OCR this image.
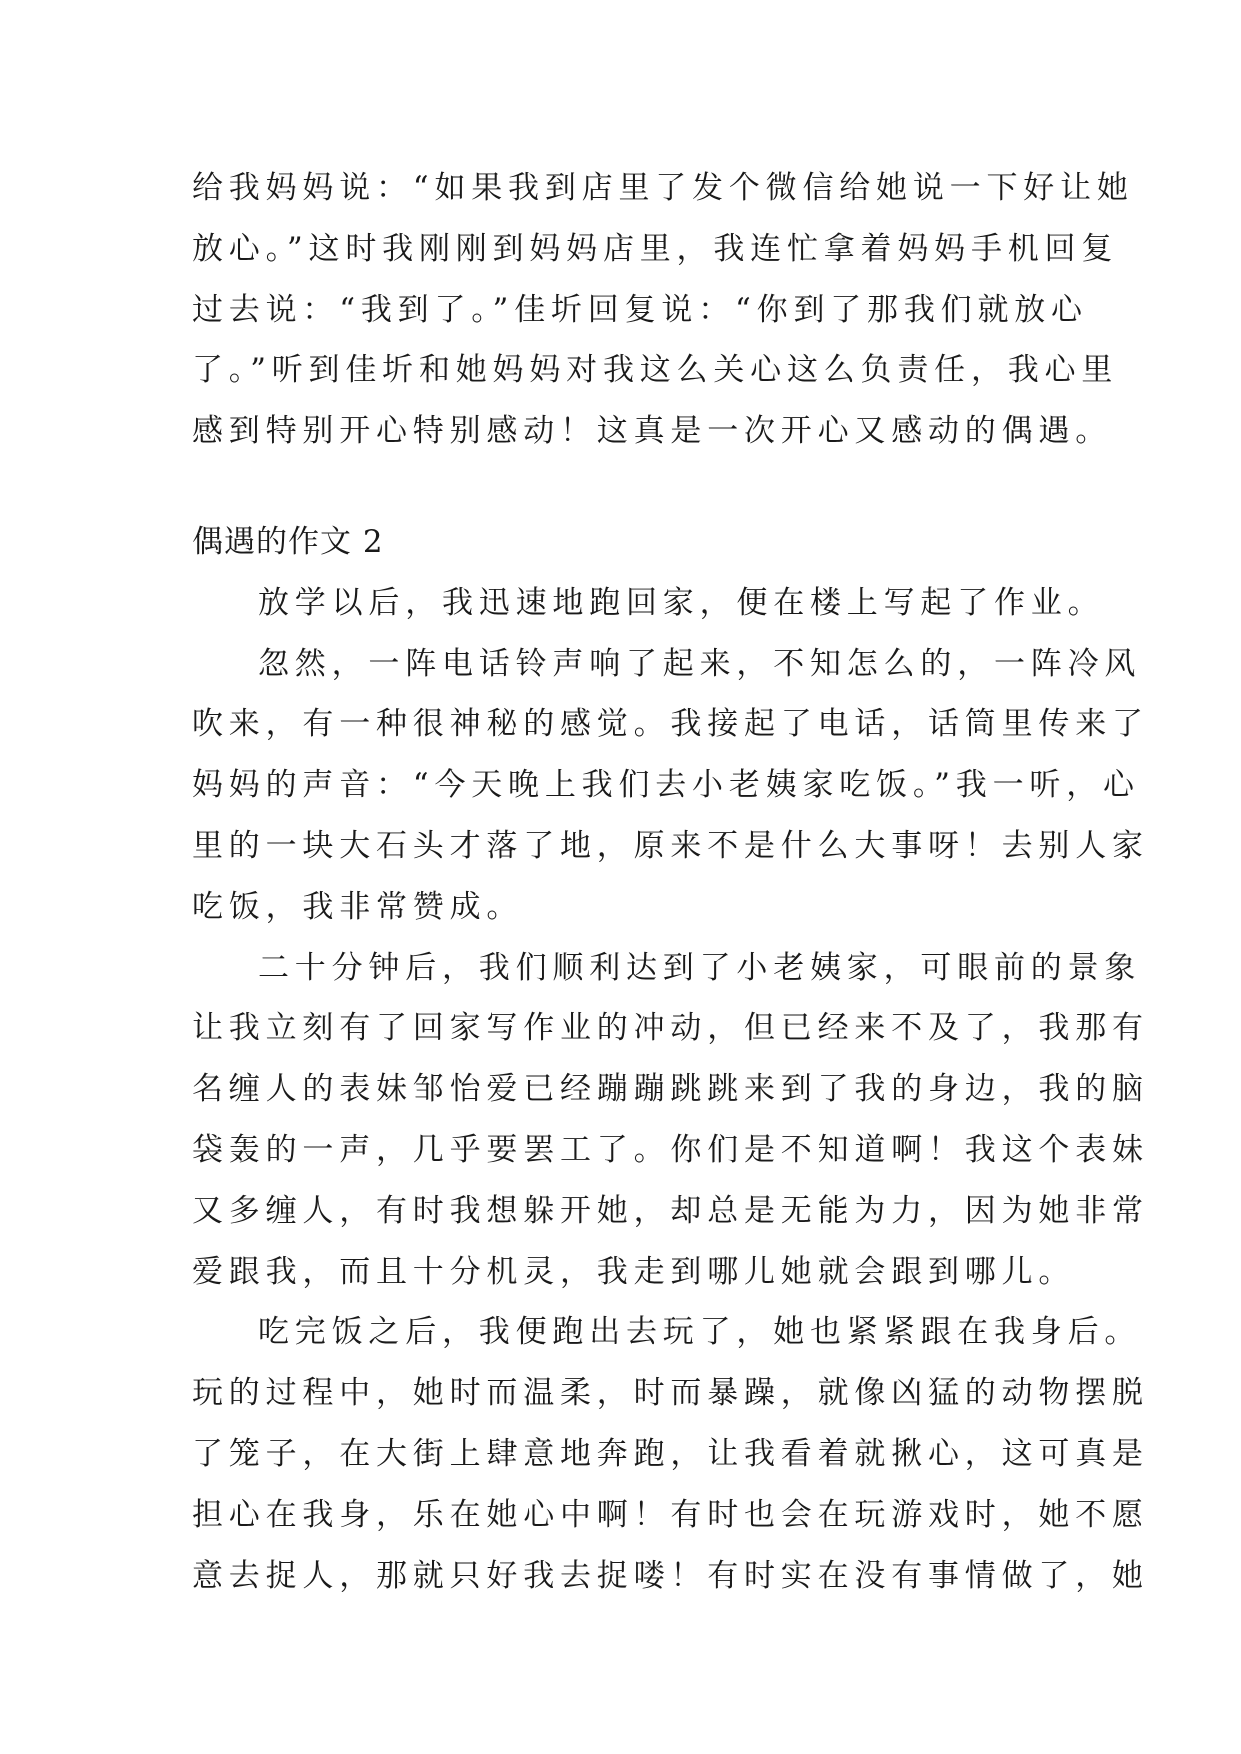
给我妈妈说：“如果我到店里了发个微信给她说一下好让她
放心。”这时我刚刚到妈妈店里，我连忙拿着妈妈手机回复
过去说：“我到了。”佳圻回复说：“你到了那我们就放心
了。”听到佳圻和她妈妈对我这么关心这么负责任，我心里
感到特别开心特别感动！这真是一次开心又感动的偶遇。
偶遇的作文 2
放学以后，我迅速地跑回家，便在楼上写起了作业。
忽然，一阵电话铃声响了起来，不知怎么的，一阵冷风
吹来，有一种很神秘的感觉。我接起了电话，话筒里传来了
妈妈的声音：“今天晚上我们去小老姨家吃饭。”我一听，心
里的一块大石头才落了地，原来不是什么大事呀！去别人家
吃饭，我非常赞成。
二十分钟后，我们顺利达到了小老姨家，可眼前的景象
让我立刻有了回家写作业的冲动，但已经来不及了，我那有
名缠人的表妹邹怡爱已经蹦蹦跳跳来到了我的身边，我的脑
袋轰的一声，几乎要罢工了。你们是不知道啊！我这个表妹
又多缠人，有时我想躲开她，却总是无能为力，因为她非常
爱跟我，而且十分机灵，我走到哪儿她就会跟到哪儿。
吃完饭之后，我便跑出去玩了，她也紧紧跟在我身后。
玩的过程中，她时而温柔，时而暴躁，就像凶猛的动物摆脱
了笼子，在大街上肆意地奔跑，让我看着就揪心，这可真是
担心在我身，乐在她心中啊！有时也会在玩游戏时，她不愿
意去捉人，那就只好我去捉喽！有时实在没有事情做了，她
